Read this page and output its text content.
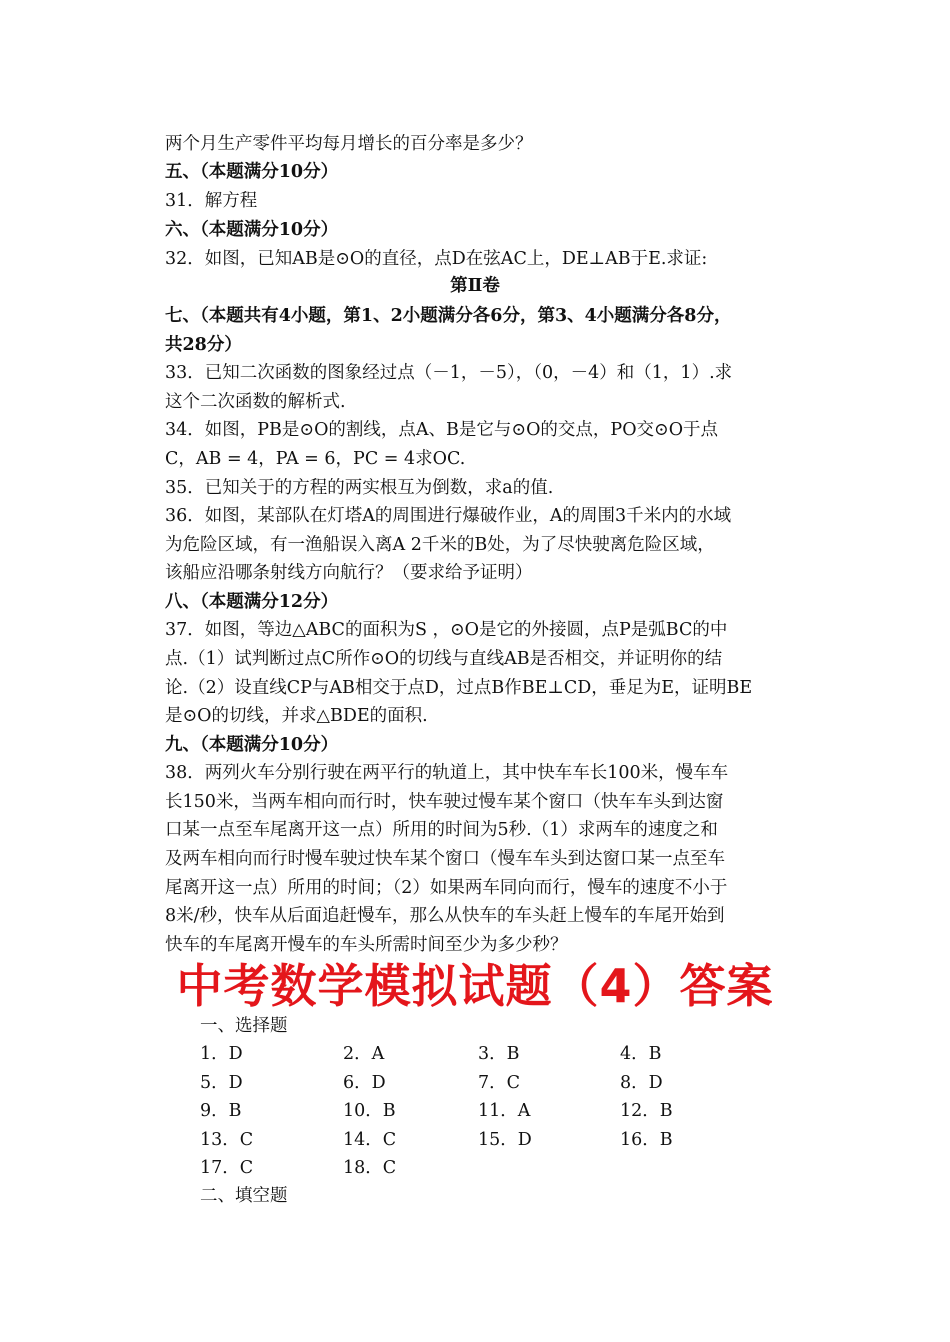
两个月生产零件平均每月增长的百分率是多少？
五、（本题满分10分）
31．解方程
六、（本题满分10分）
32．如图，已知AB是⊙O的直径，点D在弦AC上，DE⊥AB于E.求证:
七、（本题共有4小题，第1、2小题满分各6分，第3、4小题满分各8分，
共28分）
33．已知二次函数的图象经过点（－1，－5），（0，－4）和（1，1）.求
这个二次函数的解析式.
34．如图，PB是⊙O的割线，点A、B是它与⊙O的交点，PO交⊙O于点
C，AB = 4，PA = 6，PC = 4求OC.
35．已知关于的方程的两实根互为倒数，求a的值.
36．如图，某部队在灯塔A的周围进行爆破作业，A的周围3千米内的水域
为危险区域，有一渔船误入离A 2千米的B处，为了尽快驶离危险区域，
该船应沿哪条射线方向航行？（要求给予证明）
八、（本题满分12分）
37．如图，等边△ABC的面积为S ，⊙O是它的外接圆，点P是弧BC的中
点.（1）试判断过点C所作⊙O的切线与直线AB是否相交，并证明你的结
论.（2）设直线CP与AB相交于点D，过点B作BE⊥CD，垂足为E，证明BE
是⊙O的切线，并求△BDE的面积.
九、（本题满分10分）
38．两列火车分别行驶在两平行的轨道上，其中快车车长100米，慢车车
长150米，当两车相向而行时，快车驶过慢车某个窗口（快车车头到达窗
口某一点至车尾离开这一点）所用的时间为5秒.（1）求两车的速度之和
及两车相向而行时慢车驶过快车某个窗口（慢车车头到达窗口某一点至车
尾离开这一点）所用的时间；（2）如果两车同向而行，慢车的速度不小于
8米/秒，快车从后面追赶慢车，那么从快车的车头赶上慢车的车尾开始到
快车的车尾离开慢车的车头所需时间至少为多少秒？
第Ⅱ卷
中考数学模拟试题（4）答案
一、选择题
1．D	2．A	3．B	4．B
5．D	6．D	7．C	8．D
9．B	10．B	11．A	12．B
13．C	14．C	15．D	16．B
17．C	18．C
二、填空题
